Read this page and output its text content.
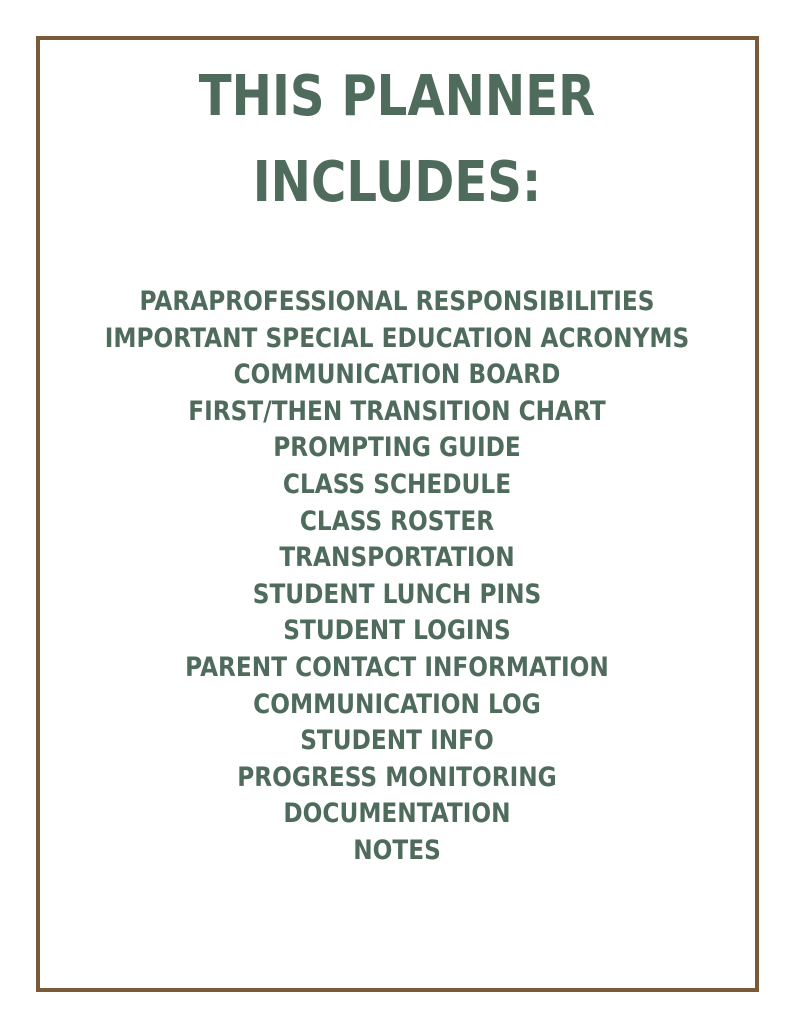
THIS PLANNER
INCLUDES:
PARAPROFESSIONAL RESPONSIBILITIES
IMPORTANT SPECIAL EDUCATION ACRONYMS
COMMUNICATION BOARD
FIRST/THEN TRANSITION CHART
PROMPTING GUIDE
CLASS SCHEDULE
CLASS ROSTER
TRANSPORTATION
STUDENT LUNCH PINS
STUDENT LOGINS
PARENT CONTACT INFORMATION
COMMUNICATION LOG
STUDENT INFO
PROGRESS MONITORING
DOCUMENTATION
NOTES
